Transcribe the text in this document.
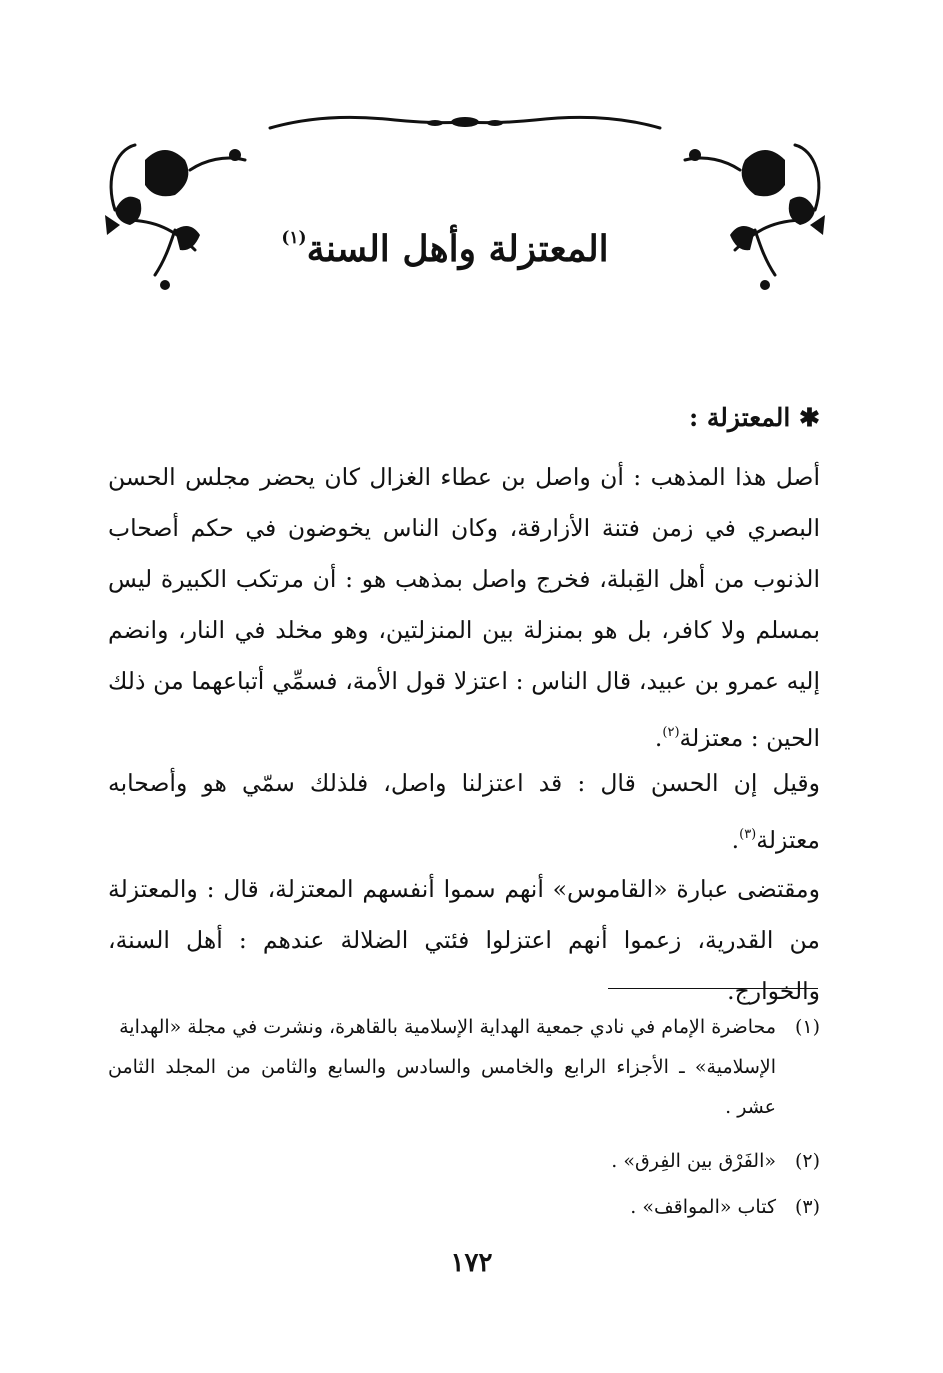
المعتزلة وأهل السنة$^{(١)}$
✱ المعتزلة :

أصل هذا المذهب : أن واصل بن عطاء الغزال كان يحضر مجلس الحسن البصري في زمن فتنة الأزارقة، وكان الناس يخوضون في حكم أصحاب الذنوب من أهل القِبلة، فخرج واصل بمذهب هو : أن مرتكب الكبيرة ليس بمسلم ولا كافر، بل هو بمنزلة بين المنزلتين، وهو مخلد في النار، وانضم إليه عمرو بن عبيد، قال الناس : اعتزلا قول الأمة، فسمِّي أتباعهما من ذلك الحين : معتزلة$^{(٢)}$.

وقيل إن الحسن قال : قد اعتزلنا واصل، فلذلك سمّي هو وأصحابه معتزلة$^{(٣)}$.

ومقتضى عبارة «القاموس» أنهم سموا أنفسهم المعتزلة، قال : والمعتزلة من القدرية، زعموا أنهم اعتزلوا فئتي الضلالة عندهم : أهل السنة، والخوارج.

(١)محاضرة الإمام في نادي جمعية الهداية الإسلامية بالقاهرة، ونشرت في مجلة «الهداية
الإسلامية» ـ الأجزاء الرابع والخامس والسادس والسابع والثامن من المجلد الثامن عشر .
(٢)«الفَرْق بين الفِرق» .
(٣)كتاب «المواقف» .
١٧٢
